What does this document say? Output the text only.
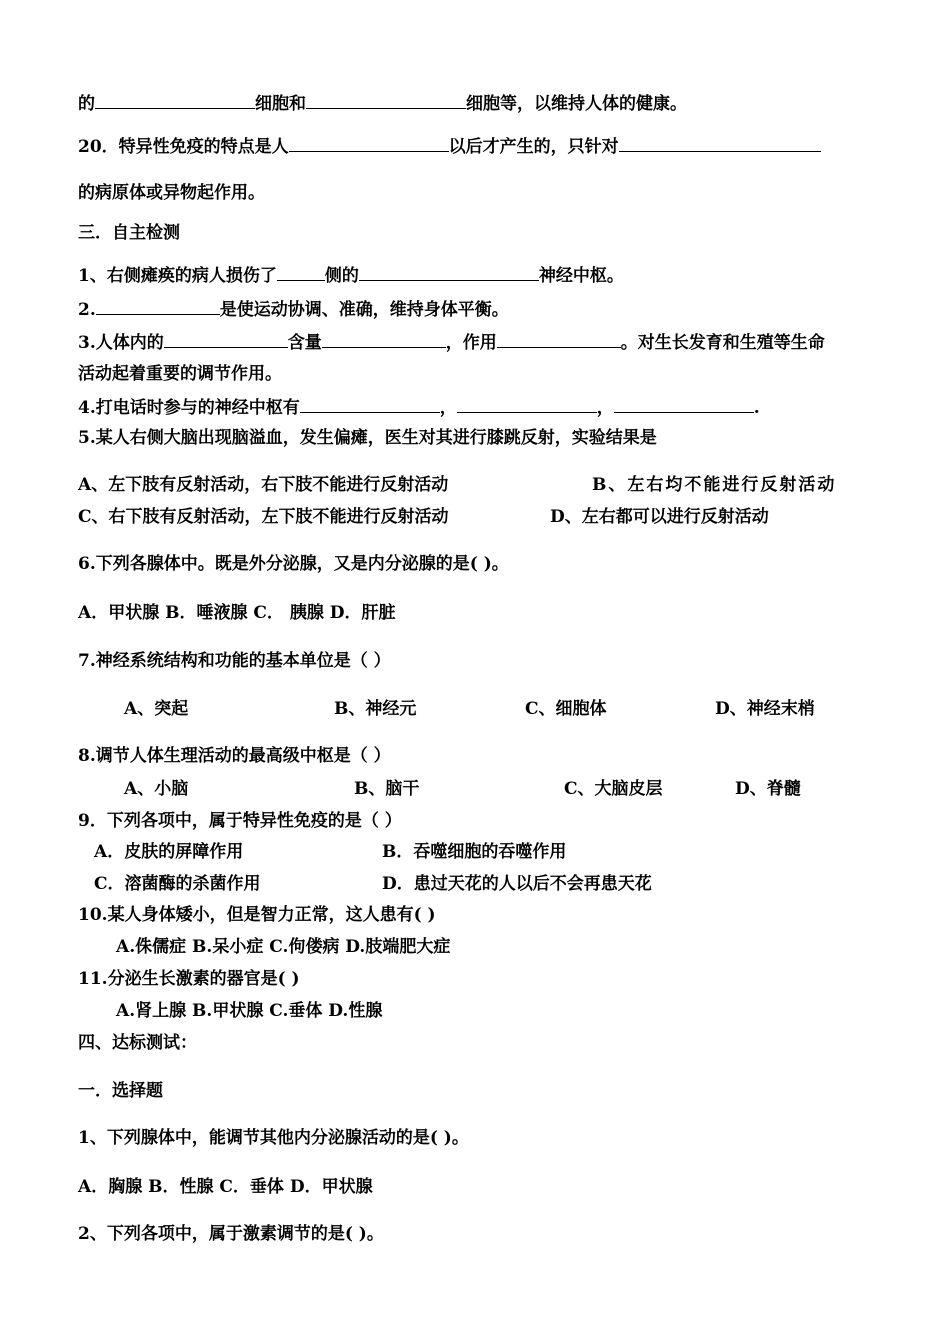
的	细胞和	细胞等，以维持人体的健康。
20．特异性免疫的特点是人	以后才产生的，只针对
的病原体或异物起作用。
三．自主检测
1、右侧瘫痪的病人损伤了	侧的	神经中枢。
2.	是使运动协调、准确，维持身体平衡。
3.人体内的	含量	，作用	。对生长发育和生殖等生命
活动起着重要的调节作用。
4.打电话时参与的神经中枢有	，	，	.
5.某人右侧大脑出现脑溢血，发生偏瘫，医生对其进行膝跳反射，实验结果是
A、左下肢有反射活动，右下肢不能进行反射活动	B、左右均不能进行反射活动
C、右下肢有反射活动，左下肢不能进行反射活动	D、左右都可以进行反射活动
6.下列各腺体中。既是外分泌腺，又是内分泌腺的是( )。
A．甲状腺 B．唾液腺 C． 胰腺 D．肝脏
7.神经系统结构和功能的基本单位是（ ）
A、突起	B、神经元	C、细胞体	D、神经末梢
8.调节人体生理活动的最高级中枢是（ ）
A、小脑	B、脑干	C、大脑皮层	D、脊髓
9．下列各项中，属于特异性免疫的是（ ）
A．皮肤的屏障作用	B．吞噬细胞的吞噬作用
C．溶菌酶的杀菌作用	D．患过天花的人以后不会再患天花
10.某人身体矮小，但是智力正常，这人患有( )
A.侏儒症 B.呆小症 C.佝偻病 D.肢端肥大症
11.分泌生长激素的器官是( )
A.肾上腺 B.甲状腺 C.垂体 D.性腺
四、达标测试：
一．选择题
1、下列腺体中，能调节其他内分泌腺活动的是( )。
A．胸腺 B．性腺 C．垂体 D．甲状腺
2、下列各项中，属于激素调节的是( )。
